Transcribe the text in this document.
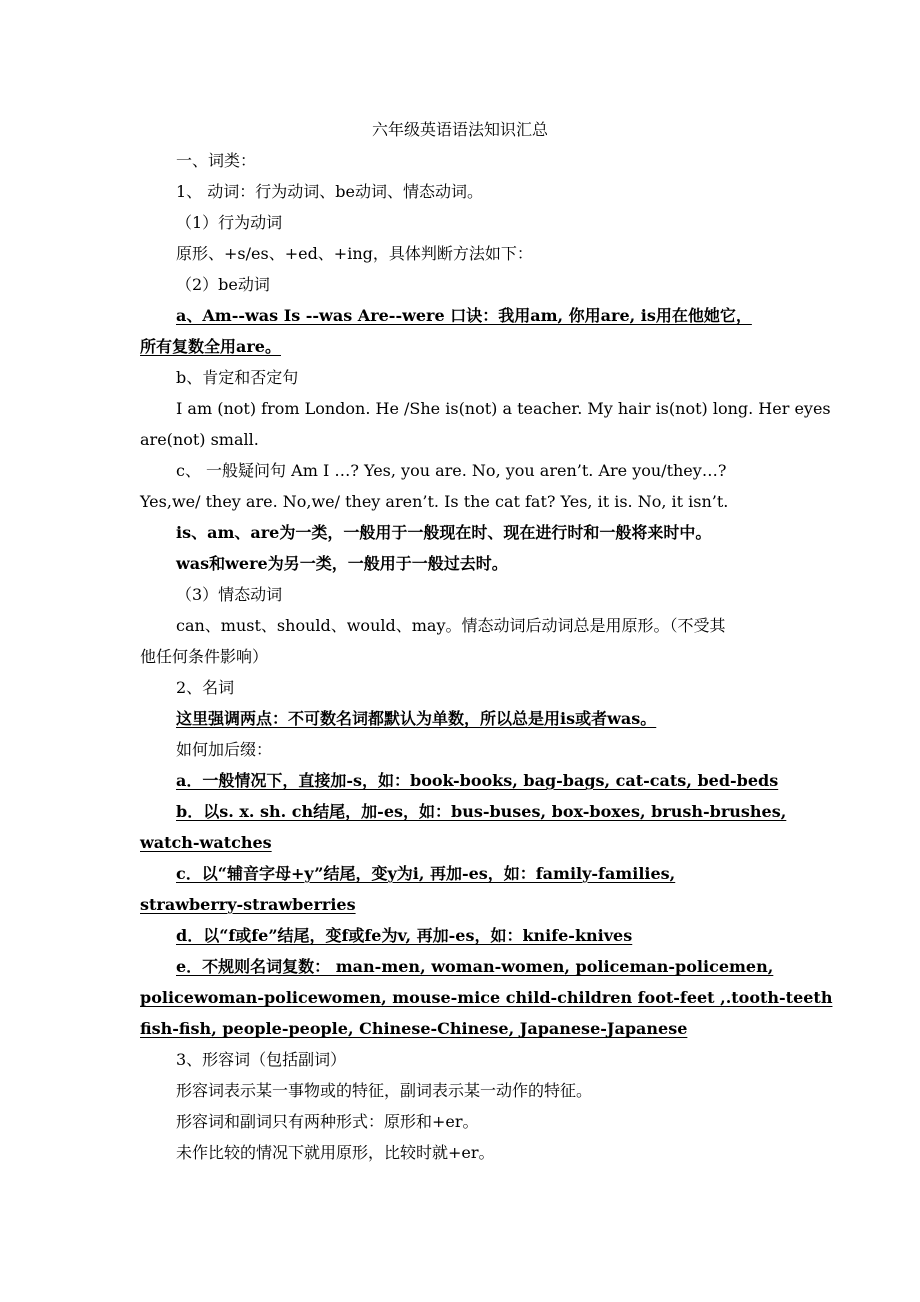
六年级英语语法知识汇总
一、词类：
1、 动词：行为动词、be动词、情态动词。
（1）行为动词
原形、+s/es、+ed、+ing，具体判断方法如下：
（2）be动词
a、Am--was Is --was Are--were 口诀：我用am, 你用are, is用在他她它，
所有复数全用are。
b、肯定和否定句
I am (not) from London. He /She is(not) a teacher. My hair is(not) long. Her eyes
are(not) small.
c、 一般疑问句 Am I …? Yes, you are. No, you aren’t. Are you/they…?
Yes,we/ they are. No,we/ they aren’t. Is the cat fat? Yes, it is. No, it isn’t.
is、am、are为一类，一般用于一般现在时、现在进行时和一般将来时中。
was和were为另一类，一般用于一般过去时。
（3）情态动词
can、must、should、would、may。情态动词后动词总是用原形。（不受其
他任何条件影响）
2、名词
这里强调两点：不可数名词都默认为单数，所以总是用is或者was。
如何加后缀：
a．一般情况下，直接加-s，如：book-books, bag-bags, cat-cats, bed-beds
b．以s. x. sh. ch结尾，加-es，如：bus-buses, box-boxes, brush-brushes,
watch-watches
c．以“辅音字母+y”结尾，变y为i, 再加-es，如：family-families,
strawberry-strawberries
d．以“f或fe”结尾，变f或fe为v, 再加-es，如：knife-knives
e．不规则名词复数： man-men, woman-women, policeman-policemen,
policewoman-policewomen, mouse-mice child-children foot-feet ,.tooth-teeth
fish-fish, people-people, Chinese-Chinese, Japanese-Japanese
3、形容词（包括副词）
形容词表示某一事物或的特征，副词表示某一动作的特征。
形容词和副词只有两种形式：原形和+er。
未作比较的情况下就用原形，比较时就+er。
